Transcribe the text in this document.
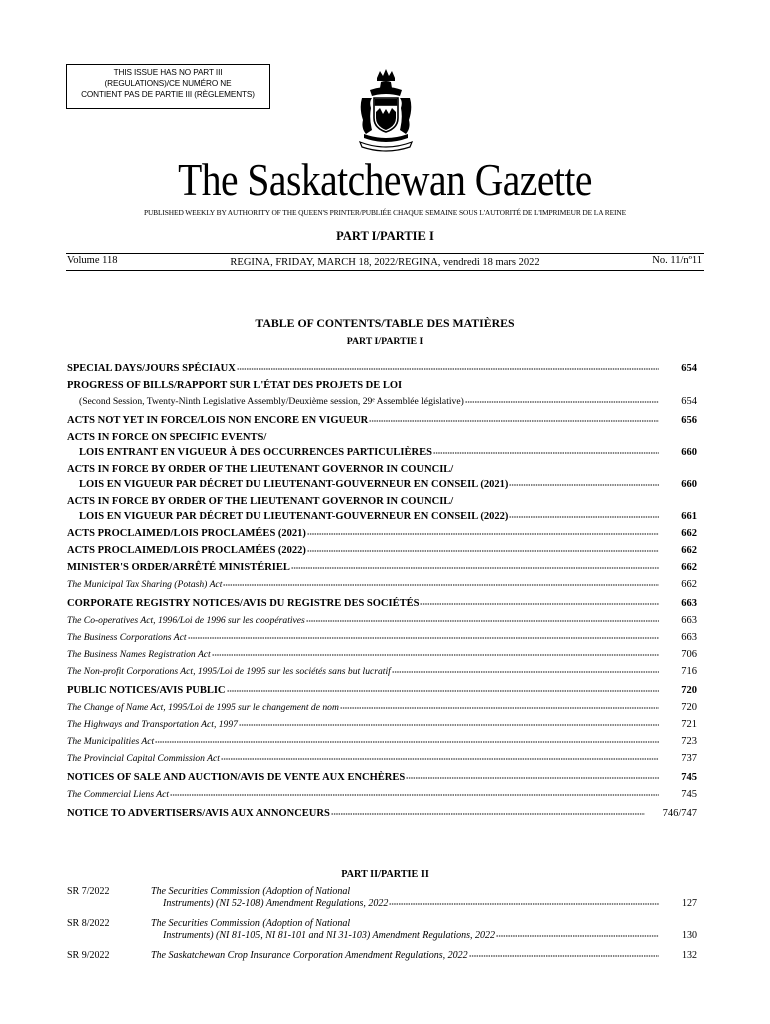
THIS ISSUE HAS NO PART III
(REGULATIONS)/CE NUMÉRO NE
CONTIENT PAS DE PARTIE III (RÈGLEMENTS)
The Saskatchewan Gazette
PUBLISHED WEEKLY BY AUTHORITY OF THE QUEEN'S PRINTER/PUBLIÉE CHAQUE SEMAINE SOUS L'AUTORITÉ DE L'IMPRIMEUR DE LA REINE
PART I/PARTIE I
Volume 118	REGINA, FRIDAY, MARCH 18, 2022/REGINA, vendredi 18 mars 2022	No. 11/nº11
TABLE OF CONTENTS/TABLE DES MATIÈRES
PART I/PARTIE I
SPECIAL DAYS/JOURS SPÉCIAUX	654
PROGRESS OF BILLS/RAPPORT SUR L'ÉTAT DES PROJETS DE LOI
(Second Session, Twenty-Ninth Legislative Assembly/Deuxième session, 29ᵉ Assemblée législative)	654
ACTS NOT YET IN FORCE/LOIS NON ENCORE EN VIGUEUR	656
ACTS IN FORCE ON SPECIFIC EVENTS/
LOIS ENTRANT EN VIGUEUR À DES OCCURRENCES PARTICULIÈRES	660
ACTS IN FORCE BY ORDER OF THE LIEUTENANT GOVERNOR IN COUNCIL/
LOIS EN VIGUEUR PAR DÉCRET DU LIEUTENANT-GOUVERNEUR EN CONSEIL (2021)	660
ACTS IN FORCE BY ORDER OF THE LIEUTENANT GOVERNOR IN COUNCIL/
LOIS EN VIGUEUR PAR DÉCRET DU LIEUTENANT-GOUVERNEUR EN CONSEIL (2022)	661
ACTS PROCLAIMED/LOIS PROCLAMÉES (2021)	662
ACTS PROCLAIMED/LOIS PROCLAMÉES (2022)	662
MINISTER'S ORDER/ARRÊTÉ MINISTÉRIEL	662
The Municipal Tax Sharing (Potash) Act	662
CORPORATE REGISTRY NOTICES/AVIS DU REGISTRE DES SOCIÉTÉS	663
The Co-operatives Act, 1996/Loi de 1996 sur les coopératives	663
The Business Corporations Act	663
The Business Names Registration Act	706
The Non-profit Corporations Act, 1995/Loi de 1995 sur les sociétés sans but lucratif	716
PUBLIC NOTICES/AVIS PUBLIC	720
The Change of Name Act, 1995/Loi de 1995 sur le changement de nom	720
The Highways and Transportation Act, 1997	721
The Municipalities Act	723
The Provincial Capital Commission Act	737
NOTICES OF SALE AND AUCTION/AVIS DE VENTE AUX ENCHÈRES	745
The Commercial Liens Act	745
NOTICE TO ADVERTISERS/AVIS AUX ANNONCEURS	746/747
PART II/PARTIE II
SR 7/2022	The Securities Commission (Adoption of National
Instruments) (NI 52-108) Amendment Regulations, 2022	127
SR 8/2022	The Securities Commission (Adoption of National
Instruments) (NI 81-105, NI 81-101 and NI 31-103) Amendment Regulations, 2022	130
SR 9/2022	The Saskatchewan Crop Insurance Corporation Amendment Regulations, 2022	132
